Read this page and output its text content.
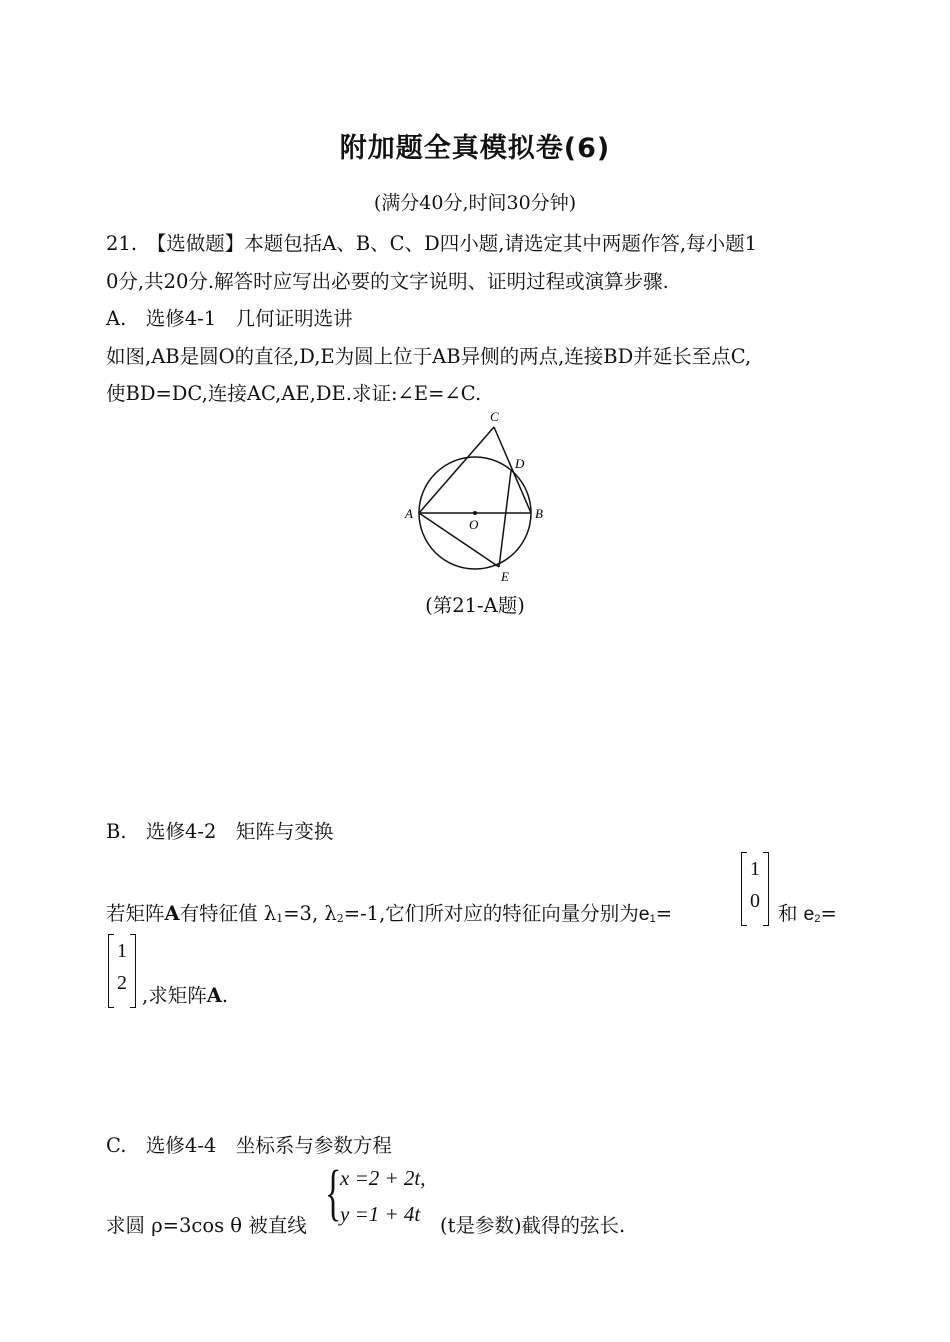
附加题全真模拟卷(6)
(满分40分,时间30分钟)
21.　【选做题】本题包括A、B、C、D四小题,请选定其中两题作答,每小题1
0分,共20分.解答时应写出必要的文字说明、证明过程或演算步骤.
A.　选修4-1　几何证明选讲
如图,AB是圆O的直径,D,E为圆上位于AB异侧的两点,连接BD并延长至点C,
使BD=DC,连接AC,AE,DE.求证:∠E=∠C.
A	B
C
D
E
O
(第21-A题)
B.　选修4-2　矩阵与变换
若矩阵A有特征值 λ1=3, λ2=-1,它们所对应的特征向量分别为e1=
1
0
和 e2=
1
2
,求矩阵A.
C.　选修4-4　坐标系与参数方程
求圆 ρ=3cos θ 被直线 {
x =2 + 2t,
y =1 + 4t (t是参数)截得的弦长.
